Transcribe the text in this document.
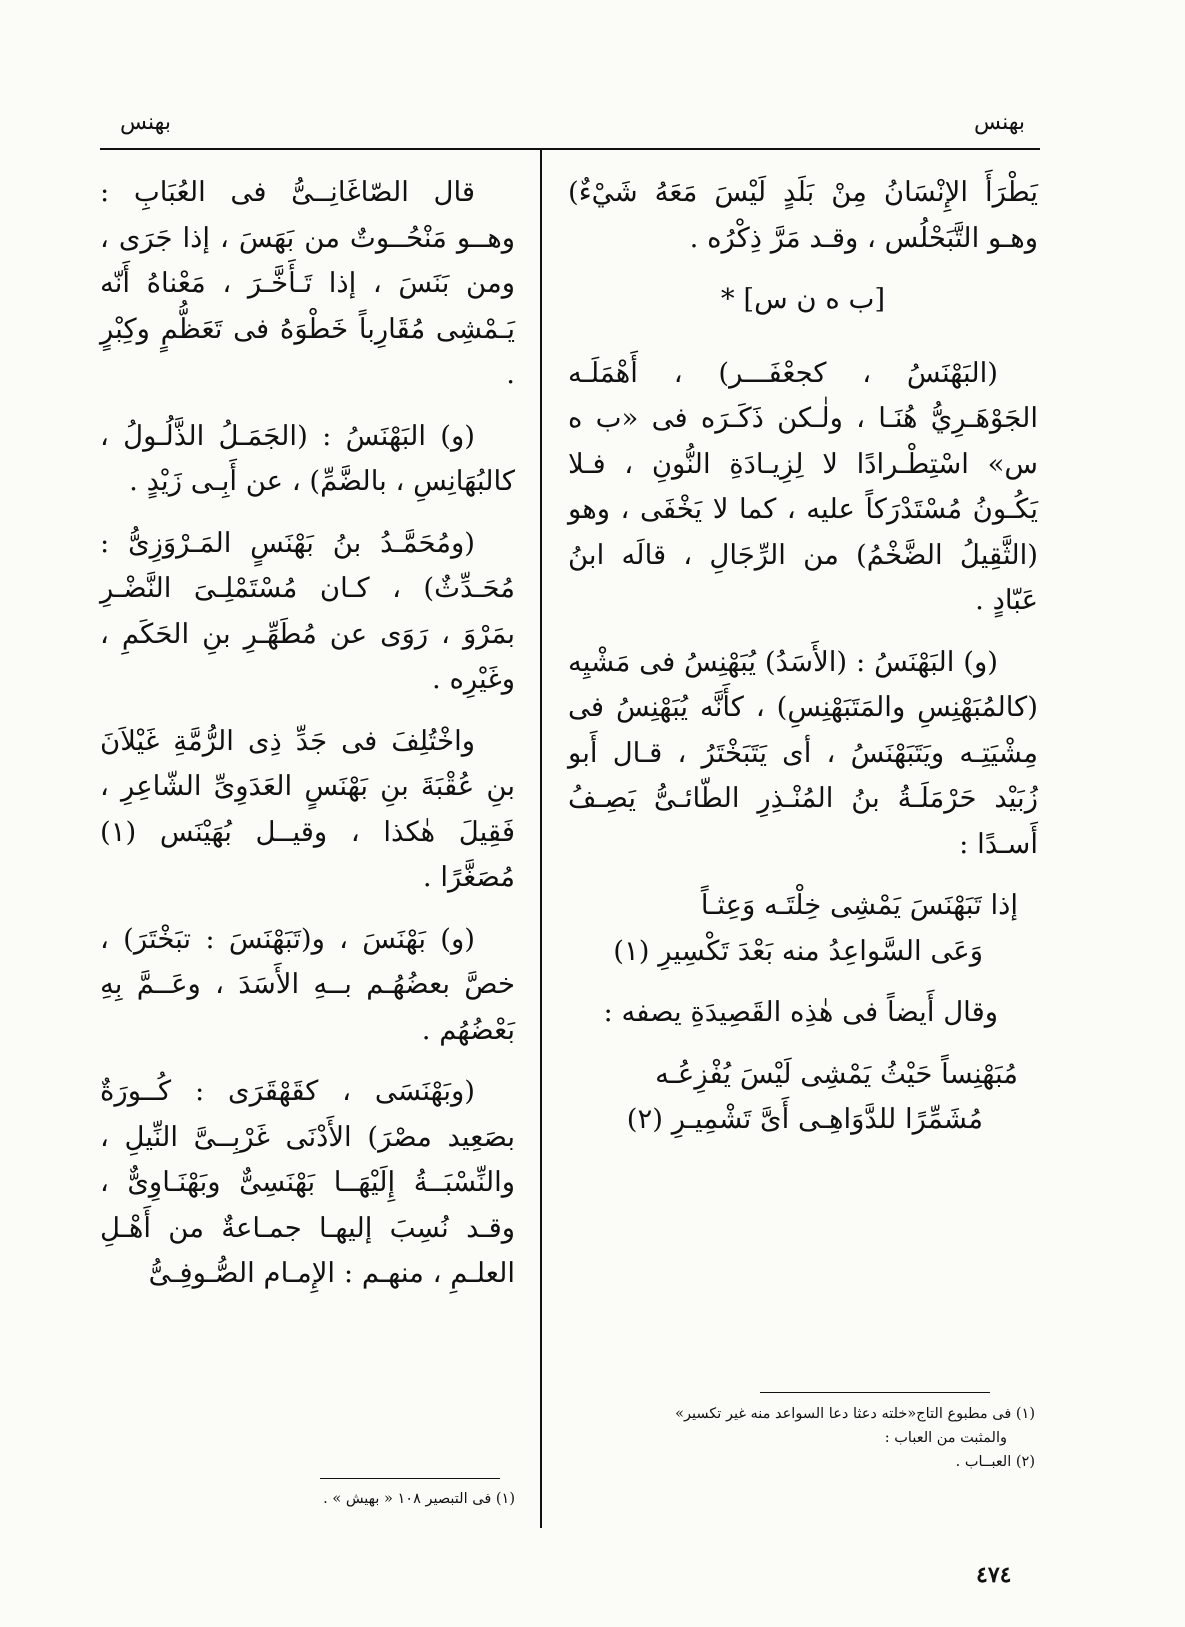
بهنس
بهنس

يَطْرَأَ الإِنْسَانُ مِنْ بَلَدٍ لَيْسَ مَعَهُ شَيْءٌ) وهـو التَّبَحْلُس ، وقـد مَرَّ ذِكْرُه .

[ب ه ن س] *

(البَهْنَسُ ، كجعْفَـــر) ، أَهْمَلَـه الجَوْهَـرِيُّ هُنَـا ، ولٰـكن ذَكَـرَه فى «ب ه س» اسْتِطْـرادًا لا لِزِيـادَةِ النُّونِ ، فـلا يَكُـونُ مُسْتَدْرَكاً عليه ، كما لا يَخْفَى ، وهو (الثَّقِيلُ الضَّخْمُ) من الرِّجَالِ ، قالَه ابنُ عَبّادٍ .

(و) البَهْنَسُ : (الأَسَدُ) يُبَهْنِسُ فى مَشْيِه (كالمُبَهْنِسِ والمَتَبَهْنِسِ) ، كأَنَّه يُبَهْنِسُ فى مِشْيَتِـه ويَتَبَهْنَسُ ، أى يَتَبَخْتَرُ ، قـال أَبو زُبَيْد حَرْمَلَـةُ بنُ المُنْـذِرِ الطّائـىُّ يَصِـفُ أَسـدًا :

إذا تَبَهْنَسَ يَمْشِى خِلْتَـه وَعِثـاً

وَعَى السَّواعِدُ منه بَعْدَ تَكْسِيرِ (١)

وقال أَيضاً فى هٰذِه القَصِيدَةِ يصفه :

مُبَهْنِساً حَيْثُ يَمْشِى لَيْسَ يُفْزِعُـه

مُشَمِّرًا للدَّوَاهِـى أَىَّ تَشْمِيـرِ (٢)

قال الصّاغَانِــىُّ فى العُبَابِ : وهــو مَنْحُــوتٌ من بَهَسَ ، إذا جَرَى ، ومن بَنَسَ ، إذا تَـأَخَّـرَ ، مَعْناهُ أَنّه يَـمْشِى مُقَارِباً خَطْوَهُ فى تَعَظُّمٍ وكِبْرٍ .

(و) البَهْنَسُ : (الجَمَـلُ الذَّلُـولُ ، كالبُهَانِسِ ، بالضَّمِّ) ، عن أَبِـى زَيْدٍ .

(ومُحَمَّـدُ بنُ بَهْنَسٍ المَـرْوَزِىُّ : مُحَـدِّثٌ) ، كـان مُسْتَمْلِـىَ النَّضْـرِ بمَرْوَ ، رَوَى عن مُطَهِّـرِ بنِ الحَكَمِ ، وغَيْرِه .

واخْتُلِفَ فى جَدِّ ذِى الرُّمَّةِ غَيْلاَنَ بنِ عُقْبَةَ بنِ بَهْنَسٍ العَدَوِىِّ الشّاعِرِ ، فَقِيلَ هٰكذا ، وقيــل بُهَيْنَس (١) مُصَغَّرًا .

(و) بَهْنَسَ ، و(تَبَهْنَسَ : تبَخْتَرَ) ، خصَّ بعضُهُـم بــهِ الأَسَدَ ، وعَــمَّ بِهِ بَعْضُهُم .

(وبَهْنَسَى ، كقَهْقَرَى : كُــورَةٌ بصَعِيد مصْرَ) الأَدْنَى غَرْبِــىَّ النِّيلِ ، والنِّسْبَــةُ إِلَيْهَــا بَهْنَسِىٌّ وبَهْنَـاوِىٌّ ، وقـد نُسِبَ إليهـا جمـاعةٌ من أَهْـلِ العلـمِ ، منهـم : الإِمـام الصُّـوفِـىُّ

(١) فى مطبوع التاج«خلته دعثا دعا السواعد منه غير تكسير»
والمثبت من العباب :
(٢) العبــاب .
(١) فى التبصير ١٠٨ « بهيش » .
٤٧٤
